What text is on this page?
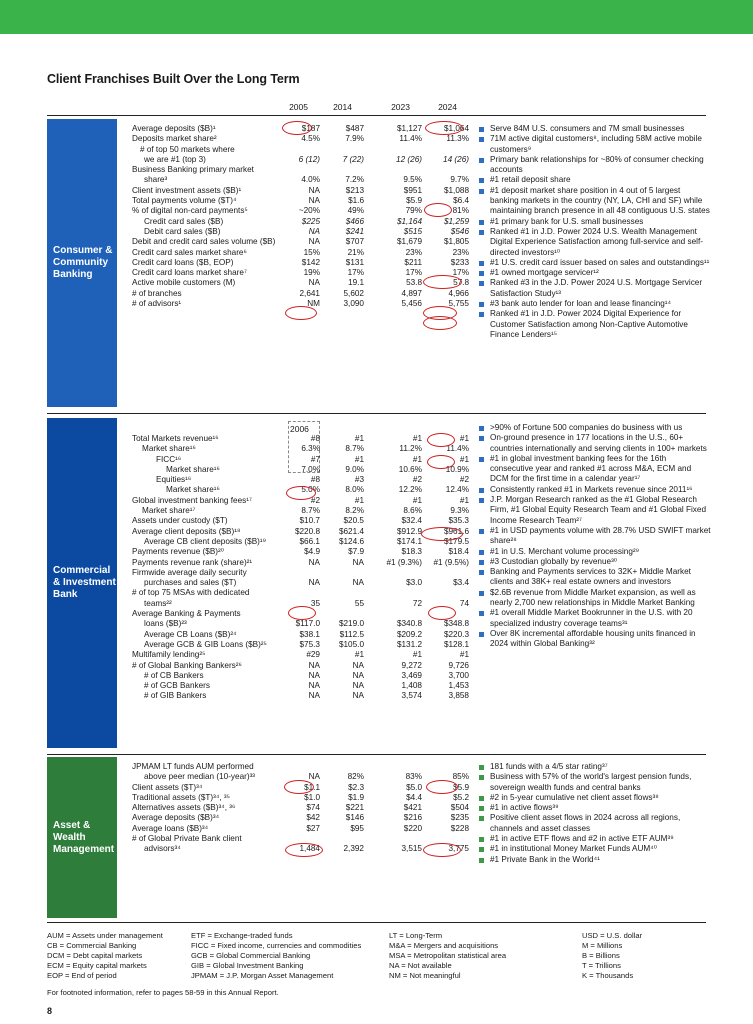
Client Franchises Built Over the Long Term
2005	2014	2023	2024
Consumer & Community Banking
Average deposits ($B)¹	$187	$487	$1,127	$1,064
Deposits market share²	4.5%	7.9%	11.4%	11.3%
# of top 50 markets where
we are #1 (top 3)	6 (12)	7 (22)	12 (26)	14 (26)
Business Banking primary market
share³	4.0%	7.2%	9.5%	9.7%
Client investment assets ($B)¹	NA	$213	$951	$1,088
Total payments volume ($T)⁴	NA	$1.6	$5.9	$6.4
% of digital non-card payments⁵	~20%	49%	79%	81%
Credit card sales ($B)	$225	$466	$1,164	$1,259
Debit card sales ($B)	NA	$241	$515	$546
Debit and credit card sales volume ($B)	NA	$707	$1,679	$1,805
Credit card sales market share⁶	15%	21%	23%	23%
Credit card loans ($B, EOP)	$142	$131	$211	$233
Credit card loans market share⁷	19%	17%	17%	17%
Active mobile customers (M)	NA	19.1	53.8	57.8
# of branches	2,641	5,602	4,897	4,966
# of advisors¹	NM	3,090	5,456	5,755
Serve 84M U.S. consumers and 7M small businesses
71M active digital customers⁸, including 58M active mobile customers⁹
Primary bank relationships for ~80% of consumer checking accounts
#1 retail deposit share
#1 deposit market share position in 4 out of 5 largest banking markets in the country (NY, LA, CHI and SF) while maintaining branch presence in all 48 contiguous U.S. states
#1 primary bank for U.S. small businesses
Ranked #1 in J.D. Power 2024 U.S. Wealth Management Digital Experience Satisfaction among full-service and self-directed investors¹⁰
#1 U.S. credit card issuer based on sales and outstandings¹¹
#1 owned mortgage servicer¹²
Ranked #3 in the J.D. Power 2024 U.S. Mortgage Servicer Satisfaction Study¹³
#3 bank auto lender for loan and lease financing¹⁴
Ranked #1 in J.D. Power 2024 Digital Experience for Customer Satisfaction among Non-Captive Automotive Finance Lenders¹⁵
Commercial & Investment Bank
2006
Total Markets revenue¹⁶	#8	#1	#1	#1
Market share¹⁶	6.3%	8.7%	11.2%	11.4%
FICC¹⁶	#7	#1	#1	#1
Market share¹⁶	7.0%	9.0%	10.6%	10.9%
Equities¹⁶	#8	#3	#2	#2
Market share¹⁶	5.0%	8.0%	12.2%	12.4%
Global investment banking fees¹⁷	#2	#1	#1	#1
Market share¹⁷	8.7%	8.2%	8.6%	9.3%
Assets under custody ($T)	$10.7	$20.5	$32.4	$35.3
Average client deposits ($B)¹⁸	$220.8	$621.4	$912.9	$961.6
Average CB client deposits ($B)¹⁹	$66.1	$124.6	$174.1	$179.5
Payments revenue ($B)²⁰	$4.9	$7.9	$18.3	$18.4
Payments revenue rank (share)²¹	NA	NA	#1 (9.3%)	#1 (9.5%)
Firmwide average daily security
purchases and sales ($T)	NA	NA	$3.0	$3.4
# of top 75 MSAs with dedicated
teams²²	35	55	72	74
Average Banking & Payments
loans ($B)²³	$117.0	$219.0	$340.8	$348.8
Average CB Loans ($B)²⁴	$38.1	$112.5	$209.2	$220.3
Average GCB & GIB Loans ($B)²⁵	$75.3	$105.0	$131.2	$128.1
Multifamily lending²⁵	#29	#1	#1	#1
# of Global Banking Bankers²⁶	NA	NA	9,272	9,726
# of CB Bankers	NA	NA	3,469	3,700
# of GCB Bankers	NA	NA	1,408	1,453
# of GIB Bankers	NA	NA	3,574	3,858
>90% of Fortune 500 companies do business with us
On-ground presence in 177 locations in the U.S., 60+ countries internationally and serving clients in 100+ markets
#1 in global investment banking fees for the 16th consecutive year and ranked #1 across M&A, ECM and DCM for the first time in a calendar year¹⁷
Consistently ranked #1 in Markets revenue since 2011¹⁶
J.P. Morgan Research ranked as the #1 Global Research Firm, #1 Global Equity Research Team and #1 Global Fixed Income Research Team²⁷
#1 in USD payments volume with 28.7% USD SWIFT market share²⁸
#1 in U.S. Merchant volume processing²⁹
#3 Custodian globally by revenue³⁰
Banking and Payments services to 32K+ Middle Market clients and 38K+ real estate owners and investors
$2.6B revenue from Middle Market expansion, as well as nearly 2,700 new relationships in Middle Market Banking
#1 overall Middle Market Bookrunner in the U.S. with 20 specialized industry coverage teams³¹
Over 8K incremental affordable housing units financed in 2024 within Global Banking³²
Asset & Wealth Management
JPMAM LT funds AUM performed
above peer median (10-year)³³	NA	82%	83%	85%
Client assets ($T)³⁴	$1.1	$2.3	$5.0	$5.9
Traditional assets ($T)³⁴, ³⁵	$1.0	$1.9	$4.4	$5.2
Alternatives assets ($B)³⁴, ³⁶	$74	$221	$421	$504
Average deposits ($B)³⁴	$42	$146	$216	$235
Average loans ($B)³⁴	$27	$95	$220	$228
# of Global Private Bank client
advisors³⁴	1,484	2,392	3,515	3,775
181 funds with a 4/5 star rating³⁷
Business with 57% of the world's largest pension funds, sovereign wealth funds and central banks
#2 in 5-year cumulative net client asset flows³⁸
#1 in active flows³⁹
Positive client asset flows in 2024 across all regions, channels and asset classes
#1 in active ETF flows and #2 in active ETF AUM³⁹
#1 in institutional Money Market Funds AUM⁴⁰
#1 Private Bank in the World⁴¹
AUM = Assets under management
CB = Commercial Banking
DCM = Debt capital markets
ECM = Equity capital markets
EOP = End of period
ETF = Exchange-traded funds
FICC = Fixed income, currencies and commodities
GCB = Global Commercial Banking
GIB = Global Investment Banking
JPMAM = J.P. Morgan Asset Management
LT = Long-Term
M&A = Mergers and acquisitions
MSA = Metropolitan statistical area
NA = Not available
NM = Not meaningful
USD = U.S. dollar
M = Millions
B = Billions
T = Trillions
K = Thousands
For footnoted information, refer to pages 58-59 in this Annual Report.
8
